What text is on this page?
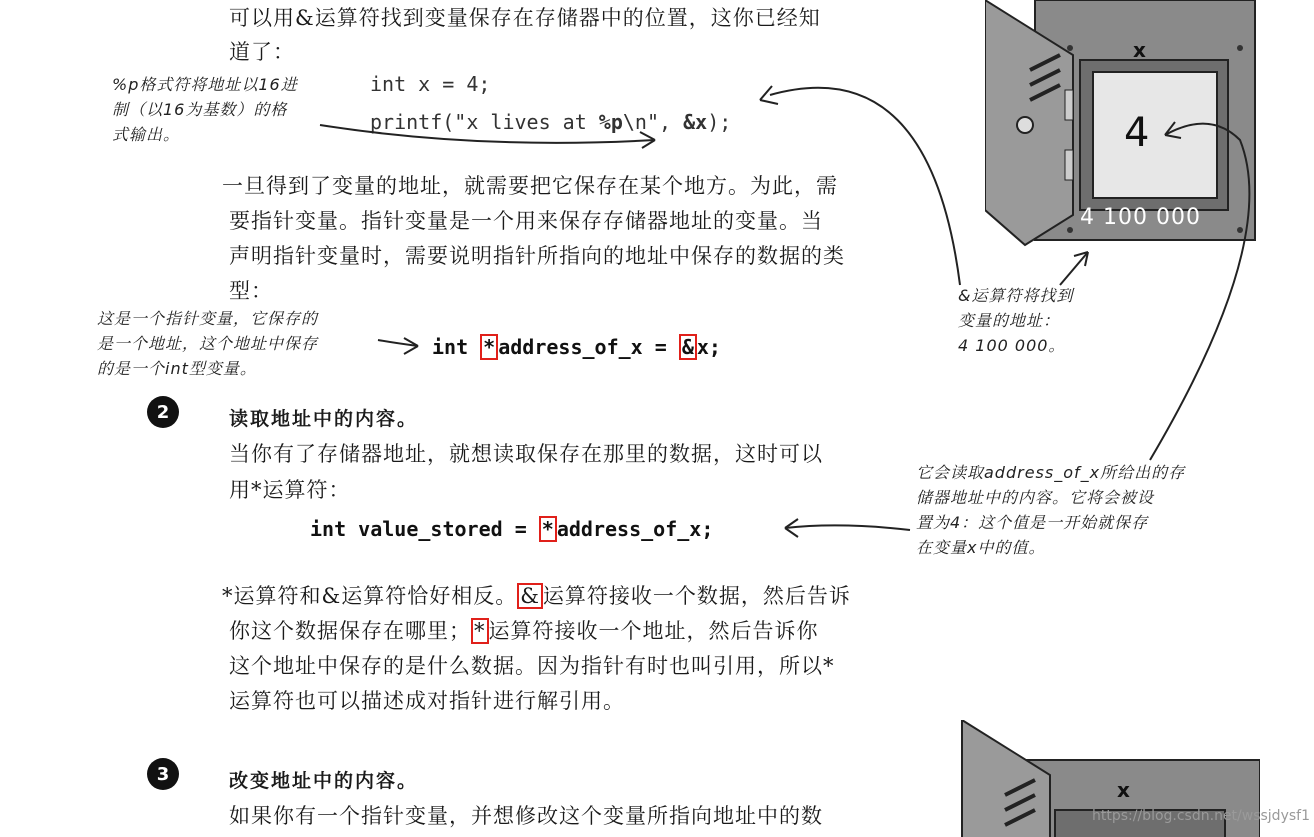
可以用&运算符找到变量保存在存储器中的位置，这你已经知
道了：
%p格式符将地址以16进
制（以16为基数）的格
式输出。
int x = 4;
printf("x lives at %p\n", &x);
一旦得到了变量的地址，就需要把它保存在某个地方。为此，需
要指针变量。指针变量是一个用来保存存储器地址的变量。当
声明指针变量时，需要说明指针所指向的地址中保存的数据的类
型：
这是一个指针变量，它保存的
是一个地址，这个地址中保存
的是一个int型变量。
int * address_of_x = & x;
x
4
4 100 000
&运算符将找到
变量的地址：
4 100 000。
2	读取地址中的内容。
当你有了存储器地址，就想读取保存在那里的数据，这时可以
用*运算符：
int value_stored = * address_of_x;
它会读取address_of_x所给出的存
储器地址中的内容。它将会被设
置为4：这个值是一开始就保存
在变量x中的值。
*运算符和&运算符恰好相反。 & 运算符接收一个数据，然后告诉
你这个数据保存在哪里； * 运算符接收一个地址，然后告诉你
这个地址中保存的是什么数据。因为指针有时也叫引用，所以*
运算符也可以描述成对指针进行解引用。
3	改变地址中的内容。
如果你有一个指针变量，并想修改这个变量所指向地址中的数
x
https://blog.csdn.net/wssjdysf1
